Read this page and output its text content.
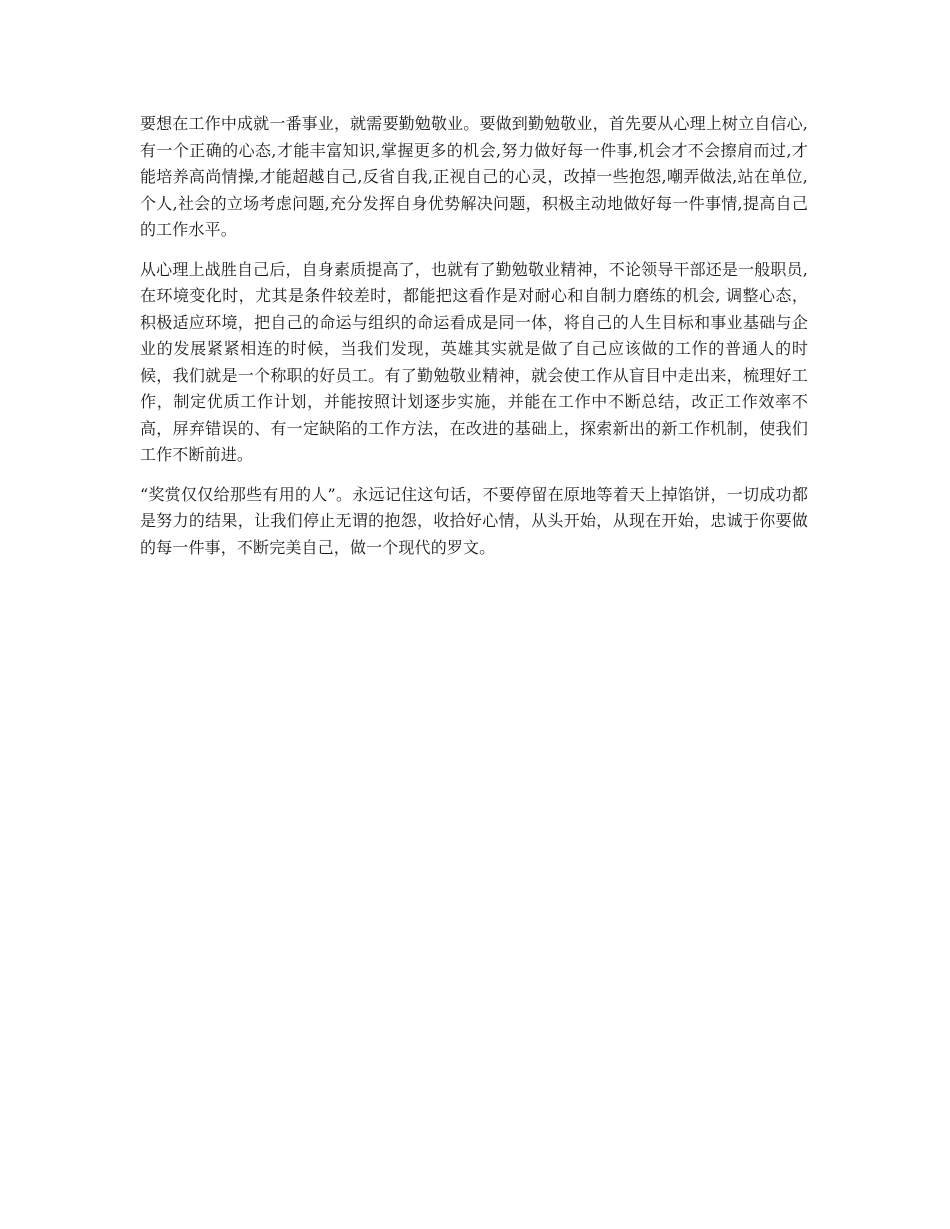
要想在工作中成就一番事业，就需要勤勉敬业。要做到勤勉敬业，首先要从心理上树立自信心,有一个正确的心态,才能丰富知识,掌握更多的机会,努力做好每一件事,机会才不会擦肩而过,才能培养高尚情操,才能超越自己,反省自我,正视自己的心灵，改掉一些抱怨,嘲弄做法,站在单位,个人,社会的立场考虑问题,充分发挥自身优势解决问题，积极主动地做好每一件事情,提高自己的工作水平。

从心理上战胜自己后，自身素质提高了，也就有了勤勉敬业精神，不论领导干部还是一般职员,在环境变化时，尤其是条件较差时，都能把这看作是对耐心和自制力磨练的机会, 调整心态，积极适应环境，把自己的命运与组织的命运看成是同一体，将自己的人生目标和事业基础与企业的发展紧紧相连的时候，当我们发现，英雄其实就是做了自己应该做的工作的普通人的时候，我们就是一个称职的好员工。有了勤勉敬业精神，就会使工作从盲目中走出来，梳理好工作，制定优质工作计划，并能按照计划逐步实施，并能在工作中不断总结，改正工作效率不高，屏弃错误的、有一定缺陷的工作方法，在改进的基础上，探索新出的新工作机制，使我们工作不断前进。

“奖赏仅仅给那些有用的人”。永远记住这句话，不要停留在原地等着天上掉馅饼，一切成功都是努力的结果，让我们停止无谓的抱怨，收拾好心情，从头开始，从现在开始，忠诚于你要做的每一件事，不断完美自己，做一个现代的罗文。
